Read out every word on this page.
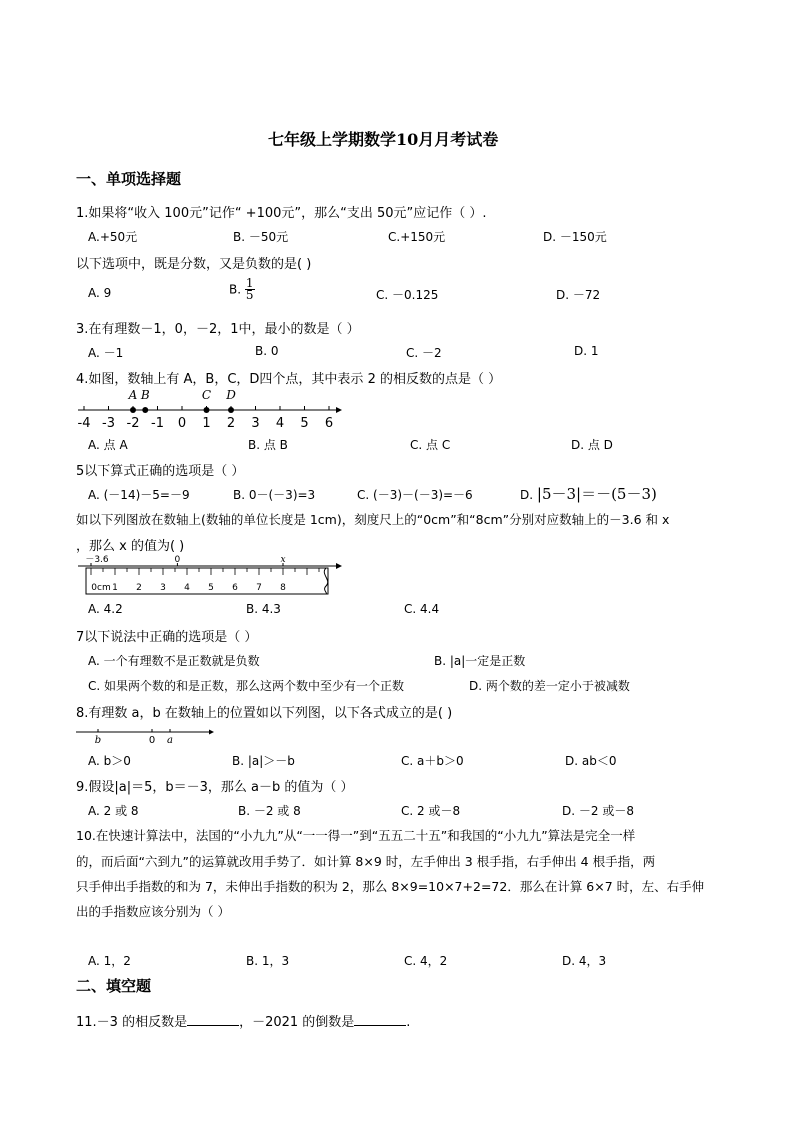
七年级上学期数学10月月考试卷
一、单项选择题
1.如果将“收入 100元”记作“ +100元”，那么“支出 50元”应记作（ ）.
A.+50元	B. －50元	C.+150元	D. －150元
以下选项中，既是分数，又是负数的是( )
A. 9	B. $\frac{1}{5}$	C. －0.125	D. －72
3.在有理数－1，0，－2，1中，最小的数是（ ）
A. －1	B. 0	C. －2	D. 1
4.如图，数轴上有 A，B，C，D四个点，其中表示 2 的相反数的点是（ ）
-4 -3 -2 -1 0 1 2 3 4 5 6
A B	C D
A. 点 A	B. 点 B	C. 点 C	D. 点 D
5以下算式正确的选项是（ ）
A. (－14)－5=－9	B. 0－(－3)=3	C. (－3)－(－3)=－6	D. |5－3|＝－(5－3)
如以下列图放在数轴上(数轴的单位长度是 1cm)，刻度尺上的“0cm”和“8cm”分别对应数轴上的－3.6 和 x
，那么 x 的值为( )
0cm 1 2 3 4 5 6 7 8
－3.6	0	x
A. 4.2	B. 4.3	C. 4.4
7以下说法中正确的选项是（ ）
A. 一个有理数不是正数就是负数	B. |a|一定是正数
C. 如果两个数的和是正数，那么这两个数中至少有一个正数	D. 两个数的差一定小于被减数
8.有理数 a，b 在数轴上的位置如以下列图，以下各式成立的是( )
b	0 a
A. b＞0	B. |a|＞－b	C. a＋b＞0	D. ab＜0
9.假设|a|＝5，b＝－3，那么 a－b 的值为（ ）
A. 2 或 8	B. －2 或 8	C. 2 或－8	D. －2 或－8
10.在快速计算法中，法国的“小九九”从“一一得一”到“五五二十五”和我国的“小九九”算法是完全一样
的，而后面“六到九”的运算就改用手势了．如计算 8×9 时，左手伸出 3 根手指，右手伸出 4 根手指，两
只手伸出手指数的和为 7，未伸出手指数的积为 2，那么 8×9=10×7+2=72．那么在计算 6×7 时，左、右手伸
出的手指数应该分别为（ ）
A. 1，2	B. 1，3	C. 4，2	D. 4，3
二、填空题
11.－3 的相反数是	，－2021 的倒数是	.
